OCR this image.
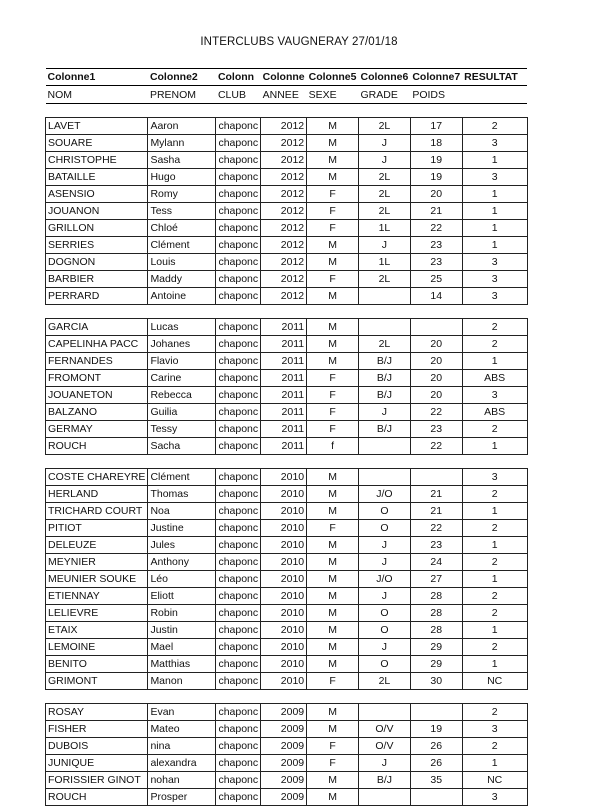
INTERCLUBS VAUGNERAY 27/01/18
Colonne1	Colonne2	Colonn	Colonne	Colonne5	Colonne6	Colonne7	RESULTAT
NOM	PRENOM	CLUB	ANNEE	SEXE	GRADE	POIDS	

LAVET	Aaron	chaponc	2012	M	2L	17	2
SOUARE	Mylann	chaponc	2012	M	J	18	3
CHRISTOPHE	Sasha	chaponc	2012	M	J	19	1
BATAILLE	Hugo	chaponc	2012	M	2L	19	3
ASENSIO	Romy	chaponc	2012	F	2L	20	1
JOUANON	Tess	chaponc	2012	F	2L	21	1
GRILLON	Chloé	chaponc	2012	F	1L	22	1
SERRIES	Clément	chaponc	2012	M	J	23	1
DOGNON	Louis	chaponc	2012	M	1L	23	3
BARBIER	Maddy	chaponc	2012	F	2L	25	3
PERRARD	Antoine	chaponc	2012	M		14	3

GARCIA	Lucas	chaponc	2011	M			2
CAPELINHA PACC	Johanes	chaponc	2011	M	2L	20	2
FERNANDES	Flavio	chaponc	2011	M	B/J	20	1
FROMONT	Carine	chaponc	2011	F	B/J	20	ABS
JOUANETON	Rebecca	chaponc	2011	F	B/J	20	3
BALZANO	Guilia	chaponc	2011	F	J	22	ABS
GERMAY	Tessy	chaponc	2011	F	B/J	23	2
ROUCH	Sacha	chaponc	2011	f		22	1

COSTE CHAREYRE	Clément	chaponc	2010	M			3
HERLAND	Thomas	chaponc	2010	M	J/O	21	2
TRICHARD COURT	Noa	chaponc	2010	M	O	21	1
PITIOT	Justine	chaponc	2010	F	O	22	2
DELEUZE	Jules	chaponc	2010	M	J	23	1
MEYNIER	Anthony	chaponc	2010	M	J	24	2
MEUNIER SOUKE	Léo	chaponc	2010	M	J/O	27	1
ETIENNAY	Eliott	chaponc	2010	M	J	28	2
LELIEVRE	Robin	chaponc	2010	M	O	28	2
ETAIX	Justin	chaponc	2010	M	O	28	1
LEMOINE	Mael	chaponc	2010	M	J	29	2
BENITO	Matthias	chaponc	2010	M	O	29	1
GRIMONT	Manon	chaponc	2010	F	2L	30	NC

ROSAY	Evan	chaponc	2009	M			2
FISHER	Mateo	chaponc	2009	M	O/V	19	3
DUBOIS	nina	chaponc	2009	F	O/V	26	2
JUNIQUE	alexandra	chaponc	2009	F	J	26	1
FORISSIER GINOT	nohan	chaponc	2009	M	B/J	35	NC
ROUCH	Prosper	chaponc	2009	M			3
